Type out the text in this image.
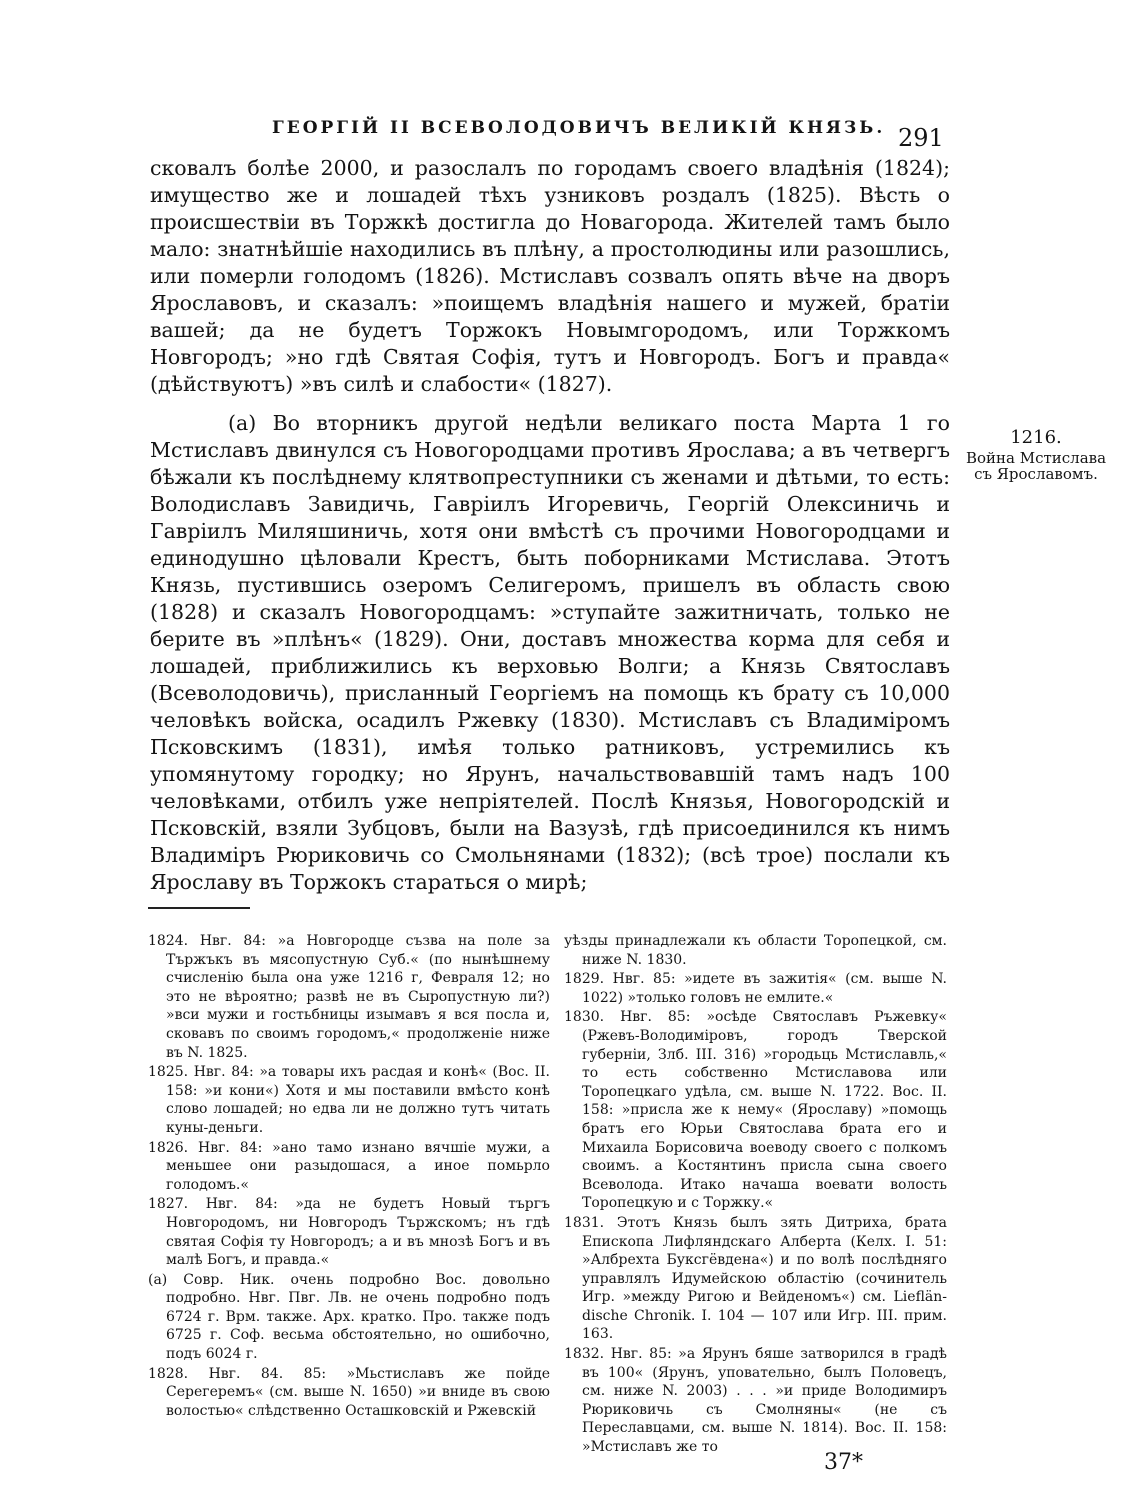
ГЕОРГІЙ II ВСЕВОЛОДОВИЧЪ ВЕЛИКІЙ КНЯЗЬ. 291

сковалъ болѣе 2000, и разослалъ по городамъ своего владѣнія (1824); имущество же и лошадей тѣхъ узниковъ роздалъ (1825). Вѣсть о происшествіи въ Торжкѣ достигла до Новагорода. Жителей тамъ было мало: знатнѣйшіе находились въ плѣну, а простолюдины или разошлись, или померли голодомъ (1826). Мстиславъ созвалъ опять вѣче на дворъ Ярославовъ, и сказалъ: »поищемъ владѣнія нашего и мужей, братіи вашей; да не будетъ Торжокъ Новымгородомъ, или Торжкомъ Новгородъ; »но гдѣ Святая Софія, тутъ и Новгородъ. Богъ и правда« (дѣйствуютъ) »въ силѣ и слабости« (1827).

(а) Во вторникъ другой недѣли великаго поста Марта 1 го Мстиславъ двинулся съ Новогородцами противъ Ярослава; а въ четвергъ бѣжали къ послѣднему клятвопреступники съ женами и дѣтьми, то есть: Володиславъ Завидичь, Гавріилъ Игоревичь, Георгій Олексиничь и Гавріилъ Миляшиничь, хотя они вмѣстѣ съ прочими Новогородцами и единодушно цѣловали Крестъ, быть поборниками Мстислава. Этотъ Князь, пустившись озеромъ Селигеромъ, пришелъ въ область свою (1828) и сказалъ Новогородцамъ: »ступайте зажитничать, только не берите въ »плѣнъ« (1829). Они, доставъ множества корма для себя и лошадей, приближились къ верховью Волги; а Князь Святославъ (Всеволодовичь), присланный Георгіемъ на помощь къ брату съ 10,000 человѣкъ войска, осадилъ Ржевку (1830). Мстиславъ съ Владиміромъ Псковскимъ (1831), имѣя только ратниковъ, устремились къ упомянутому городку; но Ярунъ, начальствовавшій тамъ надъ 100 человѣками, отбилъ уже непріятелей. Послѣ Князья, Новогородскій и Псковскій, взяли Зубцовъ, были на Вазузѣ, гдѣ присоединился къ нимъ Владиміръ Рюриковичь со Смольнянами (1832); (всѣ трое) послали къ Ярославу въ Торжокъ стараться о мирѣ;

1216.
Война Мстислава съ Ярославомъ.

1824. Нвг. 84: »а Новгородце съзва на поле за Тържъкъ въ мясопустную Суб.« (по нынѣшнему счисленію была она уже 1216 г, Февраля 12; но это не вѣроятно; развѣ не въ Сыропустную ли?) »вси мужи и гостьбницы изымавъ я вся посла и, сковавъ по своимъ городомъ,« продолженіе ниже въ N. 1825.

1825. Нвг. 84: »а товары ихъ расдая и конѣ« (Вос. II. 158: »и кони«) Хотя и мы поставили вмѣсто конѣ слово лошадей; но едва ли не должно тутъ читать куны-деньги.

1826. Нвг. 84: »ано тамо изнано вячшіе мужи, а меньшее они разыдошася, а иное помьрло голодомъ.«

1827. Нвг. 84: »да не будетъ Новый търгъ Новгородомъ, ни Новгородъ Тържскомъ; нъ гдѣ святая Софія ту Новгородъ; а и въ мнозѣ Богъ и въ малѣ Богъ, и правда.«

(а) Совр. Ник. очень подробно Вос. довольно подробно. Нвг. Пвг. Лв. не очень подробно подъ 6724 г. Врм. также. Арх. кратко. Про. также подъ 6725 г. Соф. весьма обстоятельно, но ошибочно, подъ 6024 г.

1828. Нвг. 84. 85: »Мьстиславъ же пойде Серегеремъ« (см. выше N. 1650) »и вниде въ свою волостью« слѣдственно Осташковскій и Ржевскій

уѣзды принадлежали къ области Торопецкой, см. ниже N. 1830.

1829. Нвг. 85: »идете въ зажитія« (см. выше N. 1022) »только головъ не емлите.«

1830. Нвг. 85: »осѣде Святославъ Ръжевку« (Ржевъ-Володиміровъ, городъ Тверской губерніи, Злб. III. 316) »городьць Мстиславль,« то есть собственно Мстиславова или Торопецкаго удѣла, см. выше N. 1722. Вос. II. 158: »присла же к нему« (Ярославу) »помощь братъ его Юрьи Святослава брата его и Михаила Борисовича воеводу своего с полкомъ своимъ. а Костянтинъ присла сына своего Всеволода. Итако начаша воевати волость Торопецкую и с Торжку.«

1831. Этотъ Князь былъ зять Дитриха, брата Епископа Лифляндскаго Алберта (Келх. I. 51: »Албрехта Буксгёвдена«) и по волѣ послѣдняго управлялъ Идумейскою областію (сочинитель Игр. »между Ригою и Вейденомъ«) см. Lieflän-dische Chronik. I. 104 — 107 или Игр. III. прим. 163.

1832. Нвг. 85: »а Ярунъ бяше затворился в градѣ въ 100« (Ярунъ, уповательно, былъ Половецъ, см. ниже N. 2003) . . . »и приде Володимиръ Рюриковичь съ Смолняны« (не съ Переславцами, см. выше N. 1814). Вос. II. 158: »Мстиславъ же то

37*
